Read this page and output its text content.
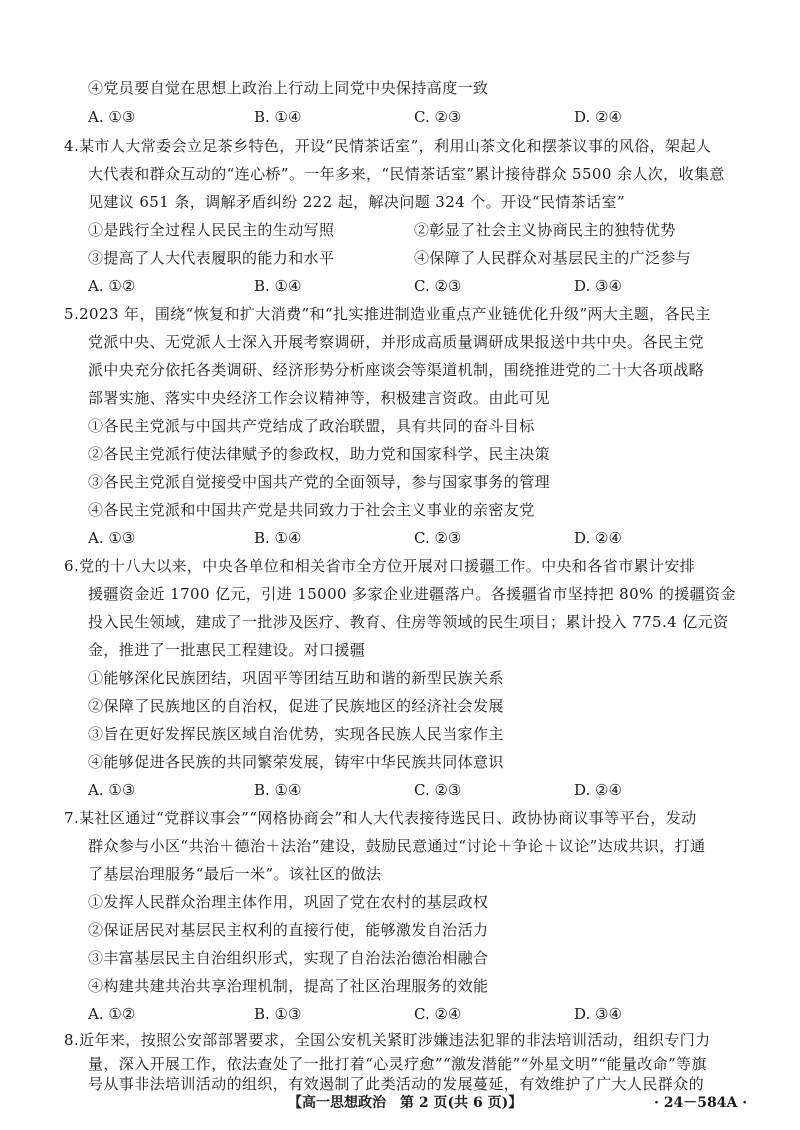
④党员要自觉在思想上政治上行动上同党中央保持高度一致
A. ①③	B. ①④	C. ②③	D. ②④
4.某市人大常委会立足茶乡特色，开设“民情茶话室”，利用山茶文化和摆茶议事的风俗，架起人
大代表和群众互动的“连心桥”。一年多来，“民情茶话室”累计接待群众 5500 余人次，收集意
见建议 651 条，调解矛盾纠纷 222 起，解决问题 324 个。开设“民情茶话室”
①是践行全过程人民民主的生动写照	②彰显了社会主义协商民主的独特优势
③提高了人大代表履职的能力和水平	④保障了人民群众对基层民主的广泛参与
A. ①②	B. ①④	C. ②③	D. ③④
5.2023 年，围绕“恢复和扩大消费”和“扎实推进制造业重点产业链优化升级”两大主题，各民主
党派中央、无党派人士深入开展考察调研，并形成高质量调研成果报送中共中央。各民主党
派中央充分依托各类调研、经济形势分析座谈会等渠道机制，围绕推进党的二十大各项战略
部署实施、落实中央经济工作会议精神等，积极建言资政。由此可见
①各民主党派与中国共产党结成了政治联盟，具有共同的奋斗目标
②各民主党派行使法律赋予的参政权，助力党和国家科学、民主决策
③各民主党派自觉接受中国共产党的全面领导，参与国家事务的管理
④各民主党派和中国共产党是共同致力于社会主义事业的亲密友党
A. ①③	B. ①④	C. ②③	D. ②④
6.党的十八大以来，中央各单位和相关省市全方位开展对口援疆工作。中央和各省市累计安排
援疆资金近 1700 亿元，引进 15000 多家企业进疆落户。各援疆省市坚持把 80% 的援疆资金
投入民生领域，建成了一批涉及医疗、教育、住房等领域的民生项目；累计投入 775.4 亿元资
金，推进了一批惠民工程建设。对口援疆
①能够深化民族团结，巩固平等团结互助和谐的新型民族关系
②保障了民族地区的自治权，促进了民族地区的经济社会发展
③旨在更好发挥民族区域自治优势，实现各民族人民当家作主
④能够促进各民族的共同繁荣发展，铸牢中华民族共同体意识
A. ①③	B. ①④	C. ②③	D. ②④
7.某社区通过“党群议事会”“网格协商会”和人大代表接待选民日、政协协商议事等平台，发动
群众参与小区“共治＋德治＋法治”建设，鼓励民意通过“讨论＋争论＋议论”达成共识，打通
了基层治理服务“最后一米”。该社区的做法
①发挥人民群众治理主体作用，巩固了党在农村的基层政权
②保证居民对基层民主权利的直接行使，能够激发自治活力
③丰富基层民主自治组织形式，实现了自治法治德治相融合
④构建共建共治共享治理机制，提高了社区治理服务的效能
A. ①②	B. ①③	C. ②④	D. ③④
8.近年来，按照公安部部署要求，全国公安机关紧盯涉嫌违法犯罪的非法培训活动，组织专门力
量，深入开展工作，依法查处了一批打着“心灵疗愈”“激发潜能”“外星文明”“能量改命”等旗
号从事非法培训活动的组织，有效遏制了此类活动的发展蔓延，有效维护了广大人民群众的
【高一思想政治　第 2 页(共 6 页)】	· 24－584A ·
